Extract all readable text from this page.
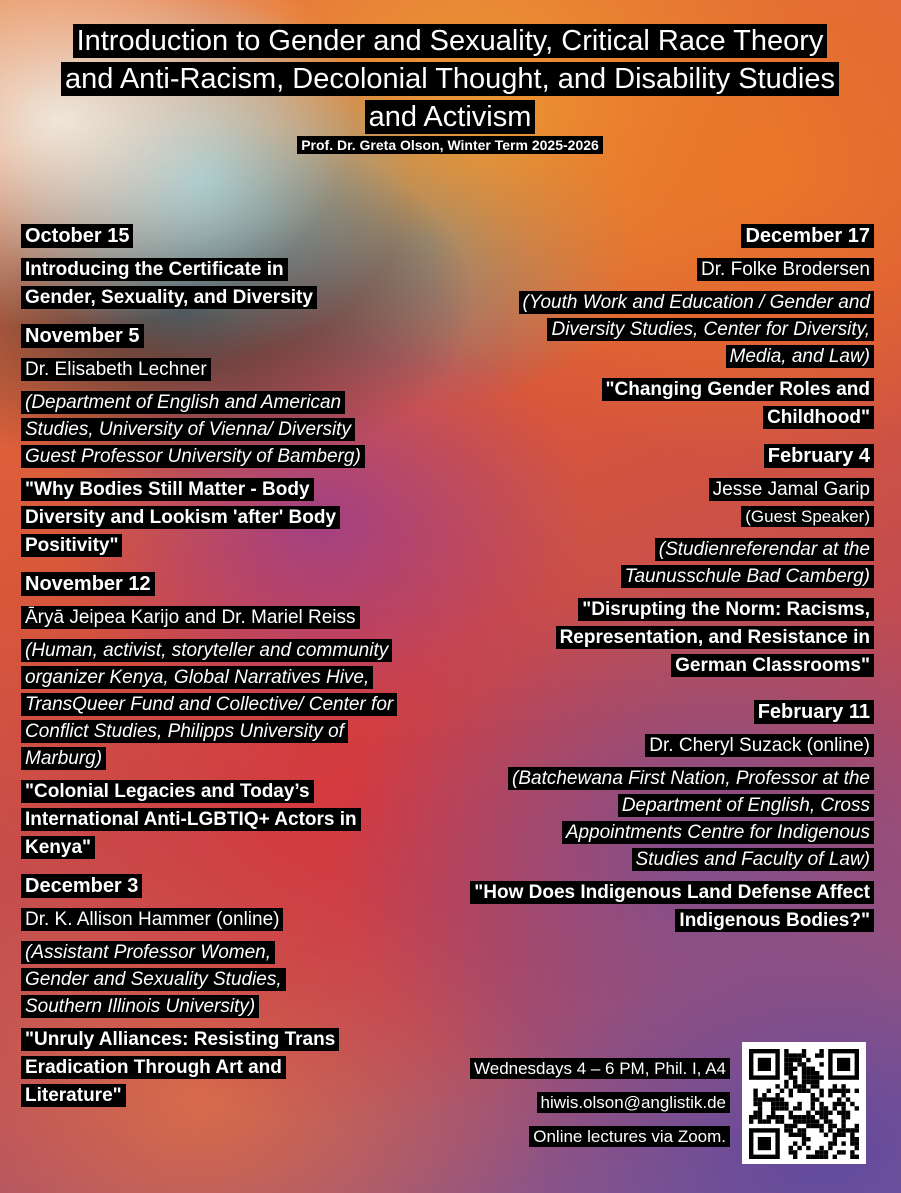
Introduction to Gender and Sexuality, Critical Race Theory and Anti-Racism, Decolonial Thought, and Disability Studies and Activism
Prof. Dr. Greta Olson, Winter Term 2025-2026

October 15

Introducing the Certificate in Gender, Sexuality, and Diversity

November 5

Dr. Elisabeth Lechner

(Department of English and American Studies, University of Vienna/ Diversity Guest Professor University of Bamberg)

"Why Bodies Still Matter - Body Diversity and Lookism 'after' Body Positivity"

November 12

Āryā Jeipea Karijo and Dr. Mariel Reiss

(Human, activist, storyteller and community organizer Kenya, Global Narratives Hive, TransQueer Fund and Collective/ Center for Conflict Studies, Philipps University of Marburg)

"Colonial Legacies and Today’s International Anti-LGBTIQ+ Actors in Kenya"

December 3

Dr. K. Allison Hammer (online)

(Assistant Professor Women, Gender and Sexuality Studies, Southern Illinois University)

"Unruly Alliances: Resisting Trans Eradication Through Art and Literature"

December 17

Dr. Folke Brodersen

(Youth Work and Education / Gender and Diversity Studies, Center for Diversity, Media, and Law)

"Changing Gender Roles and Childhood"

February 4

Jesse Jamal Garip

(Guest Speaker)

(Studienreferendar at the Taunusschule Bad Camberg)

"Disrupting the Norm: Racisms, Representation, and Resistance in German Classrooms"

February 11

Dr. Cheryl Suzack (online)

(Batchewana First Nation, Professor at the Department of English, Cross Appointments Centre for Indigenous Studies and Faculty of Law)

"How Does Indigenous Land Defense Affect Indigenous Bodies?"

Wednesdays 4 – 6 PM, Phil. I, A4

hiwis.olson@anglistik.de

Online lectures via Zoom.
